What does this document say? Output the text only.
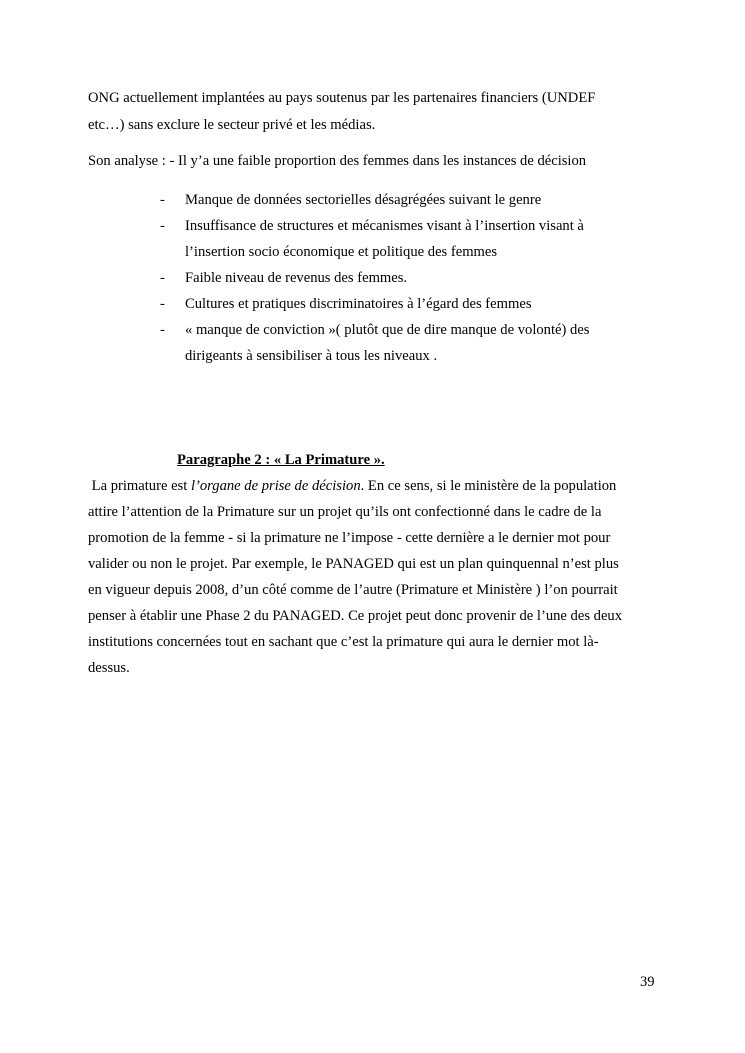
ONG actuellement implantées au pays soutenus par les partenaires financiers (UNDEF
etc…) sans exclure le secteur privé et les médias.
Son analyse : - Il y’a une faible proportion des femmes dans les instances de décision
- Manque de données sectorielles désagrégées suivant le genre
- Insuffisance de structures et mécanismes visant à l’insertion visant à
l’insertion socio économique et politique des femmes
- Faible niveau de revenus des femmes.
- Cultures et pratiques discriminatoires à l’égard des femmes
- « manque de conviction »( plutôt que de dire manque de volonté) des
dirigeants à sensibiliser à tous les niveaux .
Paragraphe 2 : « La Primature ».
La primature est l’organe de prise de décision. En ce sens, si le ministère de la population
attire l’attention de la Primature sur un projet qu’ils ont confectionné dans le cadre de la
promotion de la femme - si la primature ne l’impose - cette dernière a le dernier mot pour
valider ou non le projet. Par exemple, le PANAGED qui est un plan quinquennal n’est plus
en vigueur depuis 2008, d’un côté comme de l’autre (Primature et Ministère ) l’on pourrait
penser à établir une Phase 2 du PANAGED. Ce projet peut donc provenir de l’une des deux
institutions concernées tout en sachant que c’est la primature qui aura le dernier mot là-
dessus.
39
